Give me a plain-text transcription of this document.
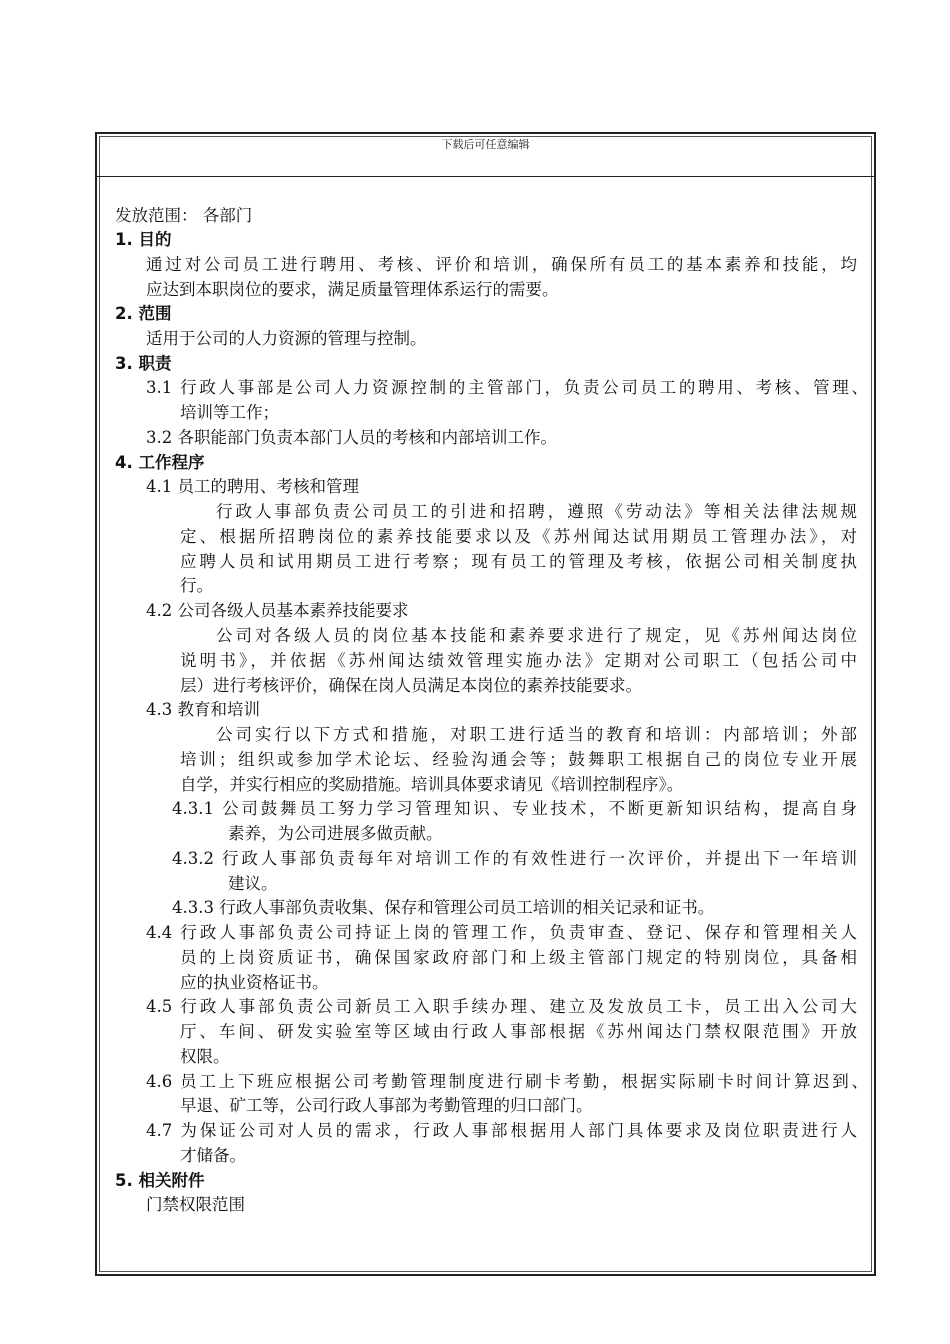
下载后可任意编辑
发放范围： 各部门
1. 目的
通过对公司员工进行聘用、考核、评价和培训，确保所有员工的基本素养和技能，均
应达到本职岗位的要求，满足质量管理体系运行的需要。
2. 范围
适用于公司的人力资源的管理与控制。
3. 职责
3.1 行政人事部是公司人力资源控制的主管部门，负责公司员工的聘用、考核、管理、
培训等工作；
3.2 各职能部门负责本部门人员的考核和内部培训工作。
4. 工作程序
4.1 员工的聘用、考核和管理
行政人事部负责公司员工的引进和招聘，遵照《劳动法》等相关法律法规规
定、根据所招聘岗位的素养技能要求以及《苏州闻达试用期员工管理办法》，对
应聘人员和试用期员工进行考察；现有员工的管理及考核，依据公司相关制度执
行。
4.2 公司各级人员基本素养技能要求
公司对各级人员的岗位基本技能和素养要求进行了规定，见《苏州闻达岗位
说明书》，并依据《苏州闻达绩效管理实施办法》定期对公司职工（包括公司中
层）进行考核评价，确保在岗人员满足本岗位的素养技能要求。
4.3 教育和培训
公司实行以下方式和措施，对职工进行适当的教育和培训：内部培训；外部
培训；组织或参加学术论坛、经验沟通会等；鼓舞职工根据自己的岗位专业开展
自学，并实行相应的奖励措施。培训具体要求请见《培训控制程序》。
4.3.1 公司鼓舞员工努力学习管理知识、专业技术，不断更新知识结构，提高自身
素养，为公司进展多做贡献。
4.3.2 行政人事部负责每年对培训工作的有效性进行一次评价，并提出下一年培训
建议。
4.3.3 行政人事部负责收集、保存和管理公司员工培训的相关记录和证书。
4.4 行政人事部负责公司持证上岗的管理工作，负责审查、登记、保存和管理相关人
员的上岗资质证书，确保国家政府部门和上级主管部门规定的特别岗位，具备相
应的执业资格证书。
4.5 行政人事部负责公司新员工入职手续办理、建立及发放员工卡，员工出入公司大
厅、车间、研发实验室等区域由行政人事部根据《苏州闻达门禁权限范围》开放
权限。
4.6 员工上下班应根据公司考勤管理制度进行刷卡考勤，根据实际刷卡时间计算迟到、
早退、矿工等，公司行政人事部为考勤管理的归口部门。
4.7 为保证公司对人员的需求，行政人事部根据用人部门具体要求及岗位职责进行人
才储备。
5. 相关附件
门禁权限范围
